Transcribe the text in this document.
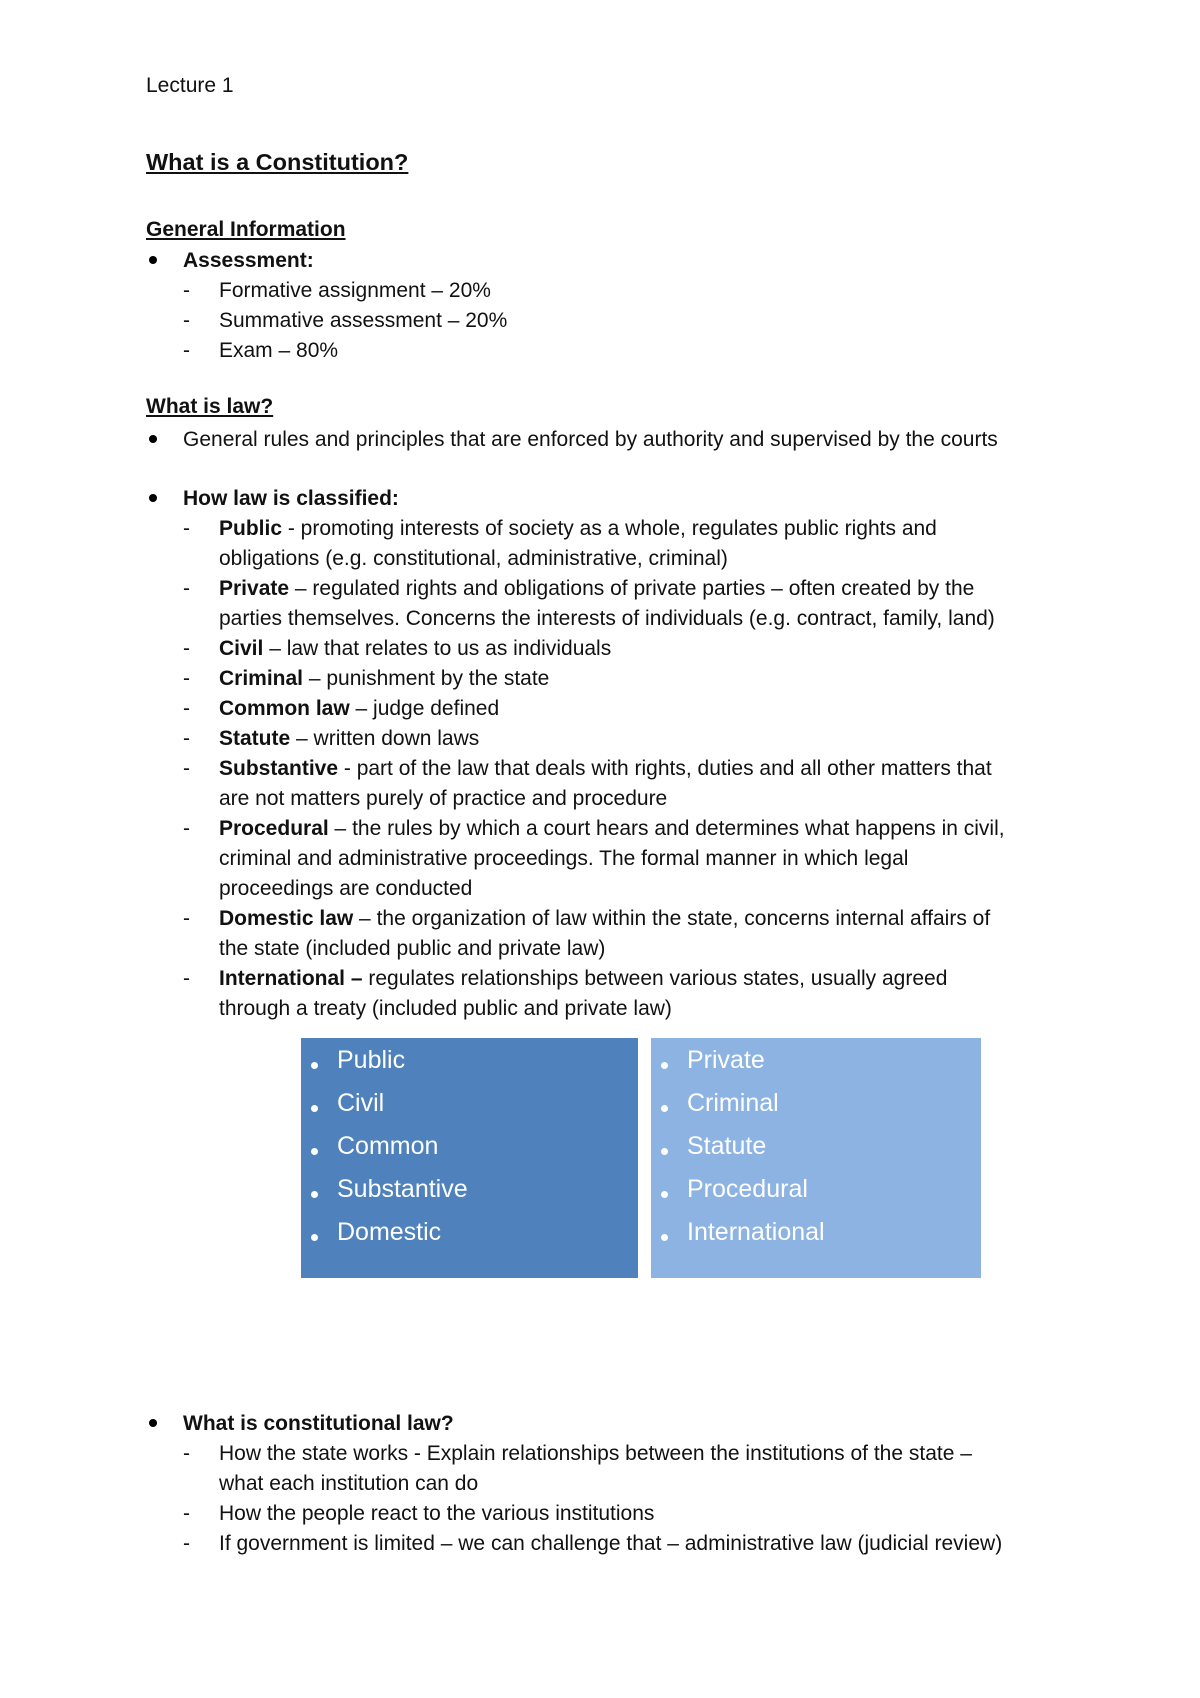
Lecture 1
What is a Constitution?
General Information
Assessment:
- Formative assignment – 20%
- Summative assessment – 20%
- Exam – 80%
What is law?
General rules and principles that are enforced by authority and supervised by the courts
How law is classified:
- Public - promoting interests of society as a whole, regulates public rights and
obligations (e.g. constitutional, administrative, criminal)
- Private – regulated rights and obligations of private parties – often created by the
parties themselves. Concerns the interests of individuals (e.g. contract, family, land)
- Civil – law that relates to us as individuals
- Criminal – punishment by the state
- Common law – judge defined
- Statute – written down laws
- Substantive - part of the law that deals with rights, duties and all other matters that
are not matters purely of practice and procedure
- Procedural – the rules by which a court hears and determines what happens in civil,
criminal and administrative proceedings. The formal manner in which legal
proceedings are conducted
- Domestic law – the organization of law within the state, concerns internal affairs of
the state (included public and private law)
- International – regulates relationships between various states, usually agreed
through a treaty (included public and private law)
Public
Civil
Common
Substantive
Domestic
Private
Criminal
Statute
Procedural
International
What is constitutional law?
- How the state works - Explain relationships between the institutions of the state –
what each institution can do
- How the people react to the various institutions
- If government is limited – we can challenge that – administrative law (judicial review)
